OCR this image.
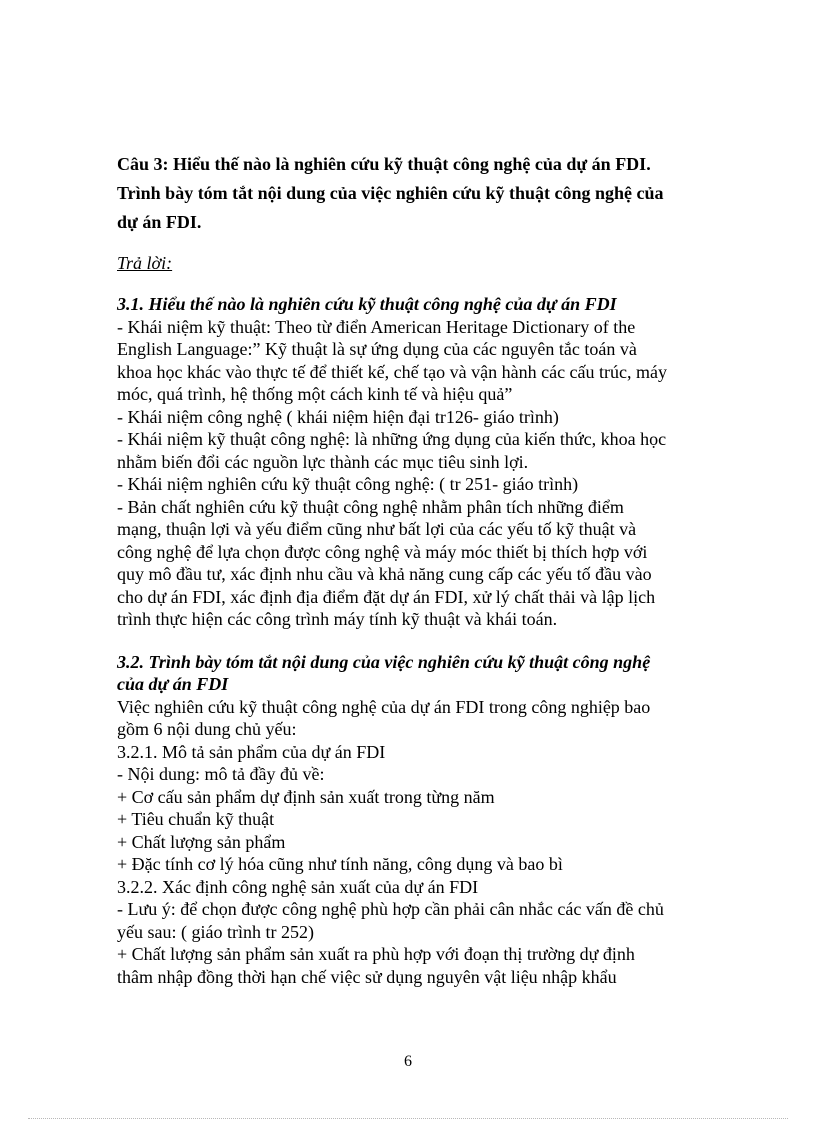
Câu 3: Hiểu thế nào là nghiên cứu kỹ thuật công nghệ của dự án FDI.
Trình bày tóm tắt nội dung của việc nghiên cứu kỹ thuật công nghệ của
dự án FDI.
Trả lời:
3.1. Hiểu thế nào là nghiên cứu kỹ thuật công nghệ của dự án FDI
- Khái niệm kỹ thuật: Theo từ điển American Heritage Dictionary of the
English Language:” Kỹ thuật là sự ứng dụng của các nguyên tắc toán và
khoa học khác vào thực tế để thiết kế, chế tạo và vận hành các cấu trúc, máy
móc, quá trình, hệ thống một cách kinh tế và hiệu quả”
- Khái niệm công nghệ ( khái niệm hiện đại tr126- giáo trình)
- Khái niệm kỹ thuật công nghệ: là những ứng dụng của kiến thức, khoa học
nhằm biến đổi các nguồn lực thành các mục tiêu sinh lợi.
- Khái niệm nghiên cứu kỹ thuật công nghệ: ( tr 251- giáo trình)
- Bản chất nghiên cứu kỹ thuật công nghệ nhằm phân tích những điểm
mạng, thuận lợi và yếu điểm cũng như bất lợi của các yếu tố kỹ thuật và
công nghệ để lựa chọn được công nghệ và máy móc thiết bị thích hợp với
quy mô đầu tư, xác định nhu cầu và khả năng cung cấp các yếu tố đầu vào
cho dự án FDI, xác định địa điểm đặt dự án FDI, xử lý chất thải và lập lịch
trình thực hiện các công trình máy tính kỹ thuật và khái toán.
3.2. Trình bày tóm tắt nội dung của việc nghiên cứu kỹ thuật công nghệ
của dự án FDI
Việc nghiên cứu kỹ thuật công nghệ của dự án FDI trong công nghiệp bao
gồm 6 nội dung chủ yếu:
3.2.1. Mô tả sản phẩm của dự án FDI
- Nội dung: mô tả đầy đủ về:
+ Cơ cấu sản phẩm dự định sản xuất trong từng năm
+ Tiêu chuẩn kỹ thuật
+ Chất lượng sản phẩm
+ Đặc tính cơ lý hóa cũng như tính năng, công dụng và bao bì
3.2.2. Xác định công nghệ sản xuất của dự án FDI
- Lưu ý: để chọn được công nghệ phù hợp cần phải cân nhắc các vấn đề chủ
yếu sau: ( giáo trình tr 252)
+ Chất lượng sản phẩm sản xuất ra phù hợp với đoạn thị trường dự định
thâm nhập đồng thời hạn chế việc sử dụng nguyên vật liệu nhập khẩu
6
